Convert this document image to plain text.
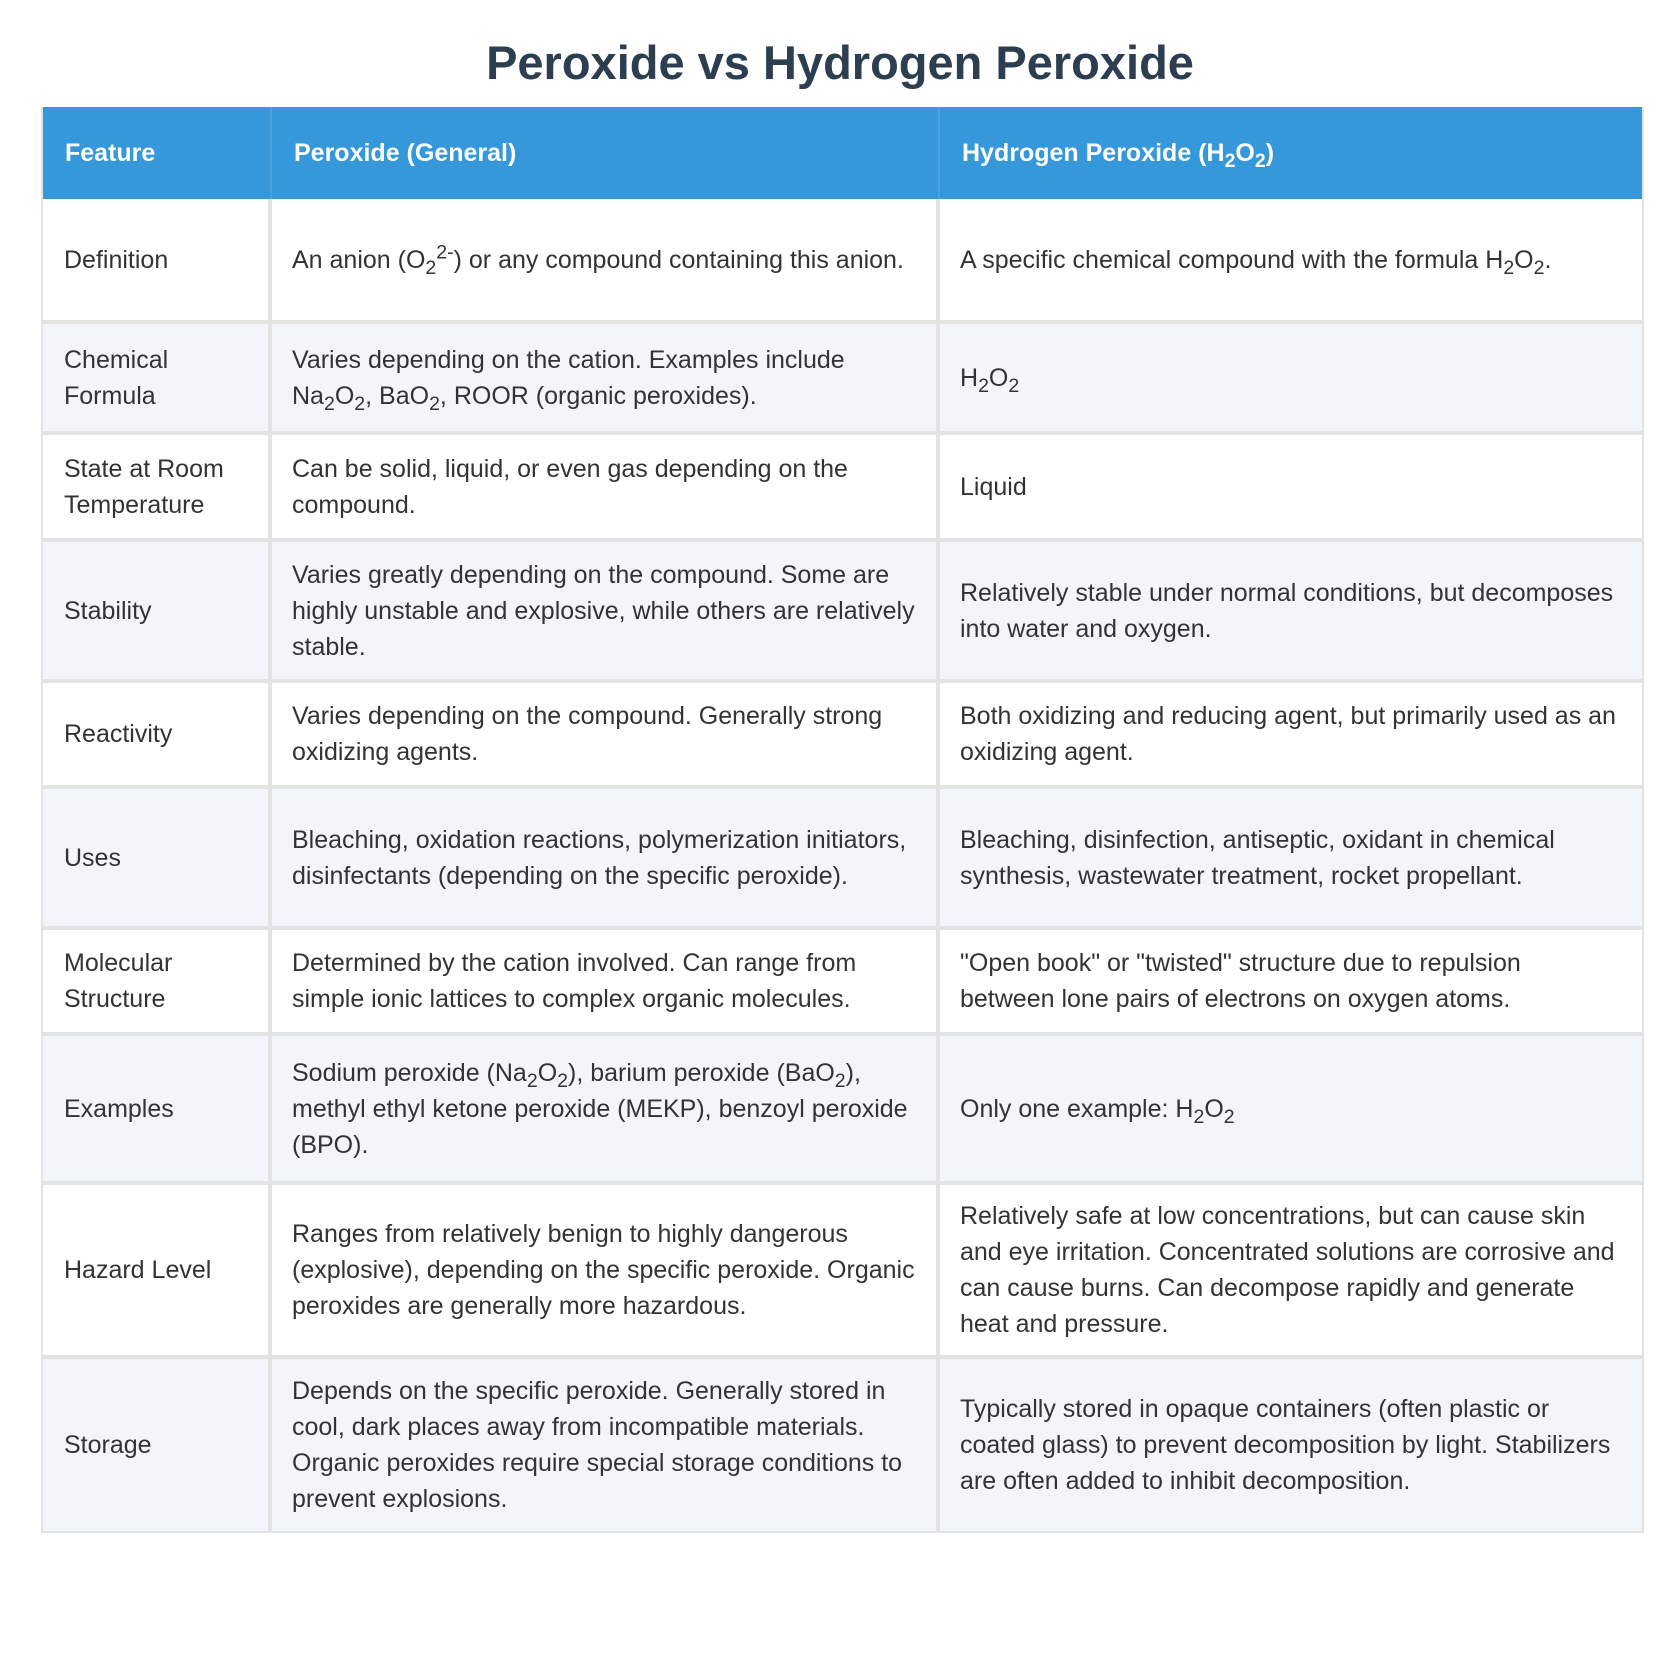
Peroxide vs Hydrogen Peroxide
Feature	Peroxide (General)	Hydrogen Peroxide $(H_2O_2)$
Definition	An anion $(O_2^{2-})$ or any compound containing this anion.	A specific chemical compound with the formula $H_2O_2$.
Chemical Formula	Varies depending on the cation. Examples include $Na_2O_2$, BaO$_2$, ROOR (organic peroxides).	$H_2O_2$
State at Room Temperature	Can be solid, liquid, or even gas depending on the compound.	Liquid
Stability	Varies greatly depending on the compound. Some are highly unstable and explosive, while others are relatively stable.	Relatively stable under normal conditions, but decomposes into water and oxygen.
Reactivity	Varies depending on the compound. Generally strong oxidizing agents.	Both oxidizing and reducing agent, but primarily used as an oxidizing agent.
Uses	Bleaching, oxidation reactions, polymerization initiators, disinfectants (depending on the specific peroxide).	Bleaching, disinfection, antiseptic, oxidant in chemical synthesis, wastewater treatment, rocket propellant.
Molecular Structure	Determined by the cation involved. Can range from simple ionic lattices to complex organic molecules.	"Open book" or "twisted" structure due to repulsion between lone pairs of electrons on oxygen atoms.
Examples	Sodium peroxide $(Na_2O_2)$, barium peroxide (BaO$_2$), methyl ethyl ketone peroxide (MEKP), benzoyl peroxide (BPO).	Only one example: $H_2O_2$
Hazard Level	Ranges from relatively benign to highly dangerous (explosive), depending on the specific peroxide. Organic peroxides are generally more hazardous.	Relatively safe at low concentrations, but can cause skin and eye irritation. Concentrated solutions are corrosive and can cause burns. Can decompose rapidly and generate heat and pressure.
Storage	Depends on the specific peroxide. Generally stored in cool, dark places away from incompatible materials. Organic peroxides require special storage conditions to prevent explosions.	Typically stored in opaque containers (often plastic or coated glass) to prevent decomposition by light. Stabilizers are often added to inhibit decomposition.
